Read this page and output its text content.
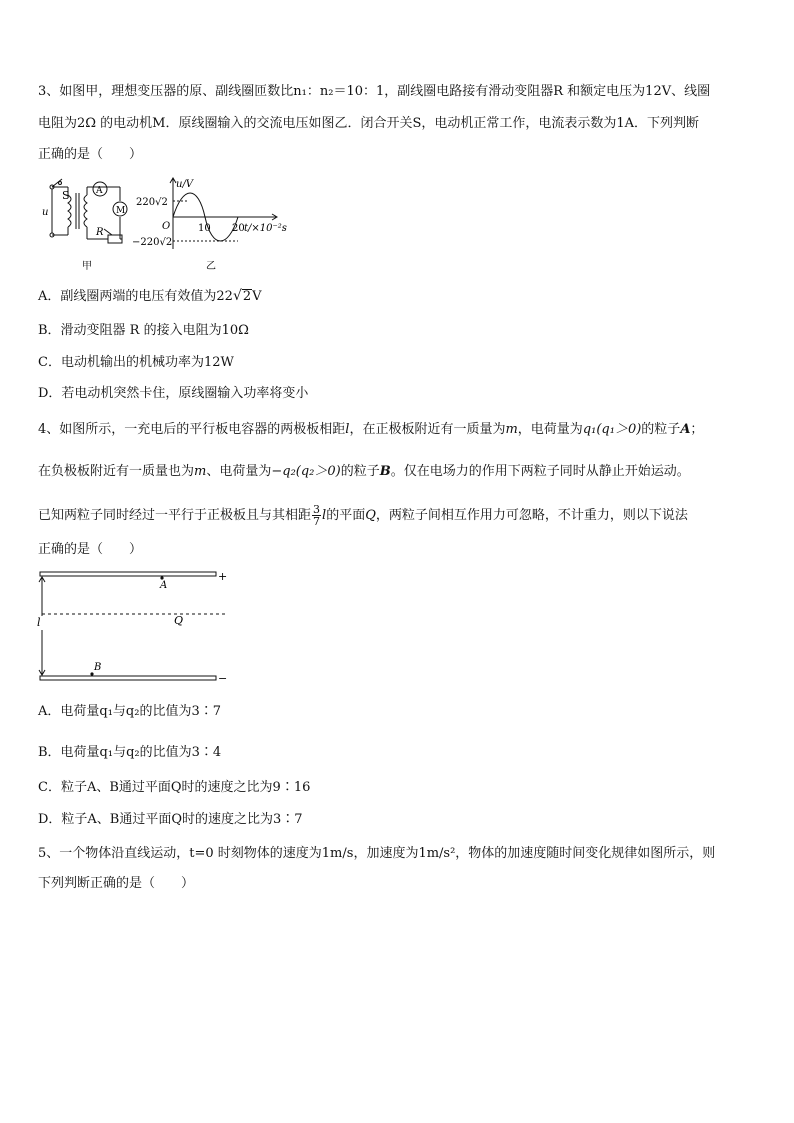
3、如图甲，理想变压器的原、副线圈匝数比n₁：n₂＝10：1，副线圈电路接有滑动变阻器R 和额定电压为12V、线圈
电阻为2Ω 的电动机M．原线圈输入的交流电压如图乙．闭合开关S，电动机正常工作，电流表示数为1A．下列判断
正确的是（　　）
S	A
M
R
u
甲
u/V
220√2
−220√2
O	10 20 t/×10⁻²s
乙
A．副线圈两端的电压有效值为22√2V
B．滑动变阻器 R 的接入电阻为10Ω
C．电动机输出的机械功率为12W
D．若电动机突然卡住，原线圈输入功率将变小
4、如图所示，一充电后的平行板电容器的两极板相距l，在正极板附近有一质量为m，电荷量为q₁(q₁＞0)的粒子A；
在负极板附近有一质量也为m、电荷量为−q₂(q₂＞0)的粒子B。仅在电场力的作用下两粒子同时从静止开始运动。
已知两粒子同时经过一平行于正极板且与其相距 $\frac{3}{7}$ l的平面Q，两粒子间相互作用力可忽略，不计重力，则以下说法
正确的是（　　）
A
B
Q
l
+
−
A．电荷量q₁与q₂的比值为3∶7
B．电荷量q₁与q₂的比值为3∶4
C．粒子A、B通过平面Q时的速度之比为9∶16
D．粒子A、B通过平面Q时的速度之比为3∶7
5、一个物体沿直线运动，t=0 时刻物体的速度为1m/s，加速度为1m/s²，物体的加速度随时间变化规律如图所示，则
下列判断正确的是（　　）
